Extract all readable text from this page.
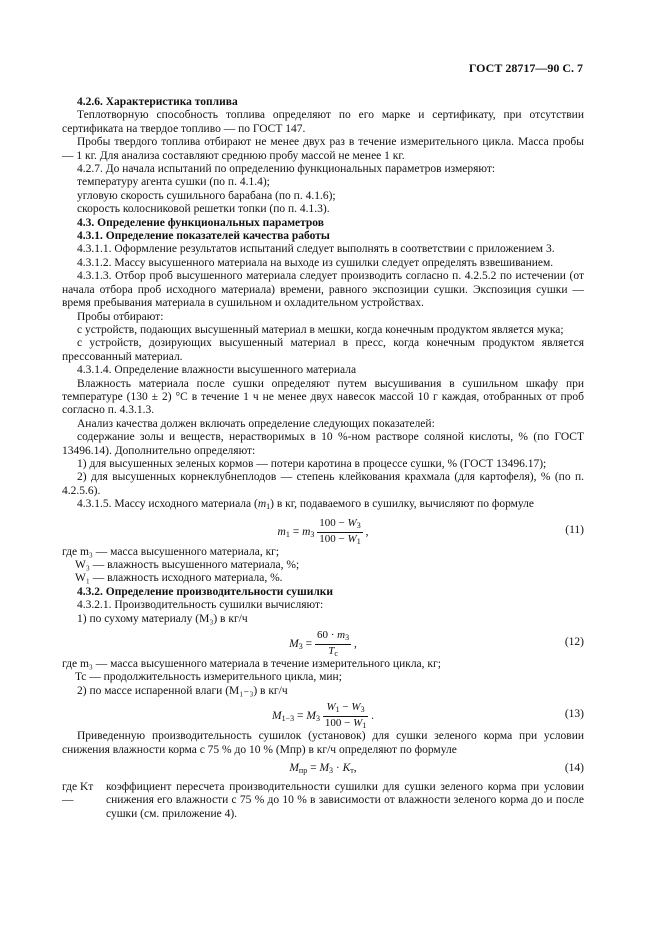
ГОСТ 28717—90 С. 7

4.2.6. Характеристика топлива

Теплотворную способность топлива определяют по его марке и сертификату, при отсутствии сертификата на твердое топливо — по ГОСТ 147.

Пробы твердого топлива отбирают не менее двух раз в течение измерительного цикла. Масса пробы — 1 кг. Для анализа составляют среднюю пробу массой не менее 1 кг.

4.2.7. До начала испытаний по определению функциональных параметров измеряют:

температуру агента сушки (по п. 4.1.4);

угловую скорость сушильного барабана (по п. 4.1.6);

скорость колосниковой решетки топки (по п. 4.1.3).

4.3. Определение функциональных параметров

4.3.1. Определение показателей качества работы

4.3.1.1. Оформление результатов испытаний следует выполнять в соответствии с приложением 3.

4.3.1.2. Массу высушенного материала на выходе из сушилки следует определять взвешиванием.

4.3.1.3. Отбор проб высушенного материала следует производить согласно п. 4.2.5.2 по истечении (от начала отбора проб исходного материала) времени, равного экспозиции сушки. Экспозиция сушки — время пребывания материала в сушильном и охладительном устройствах.

Пробы отбирают:

с устройств, подающих высушенный материал в мешки, когда конечным продуктом является мука;

с устройств, дозирующих высушенный материал в пресс, когда конечным продуктом является прессованный материал.

4.3.1.4. Определение влажности высушенного материала

Влажность материала после сушки определяют путем высушивания в сушильном шкафу при температуре (130 ± 2) °С в течение 1 ч не менее двух навесок массой 10 г каждая, отобранных от проб согласно п. 4.3.1.3.

Анализ качества должен включать определение следующих показателей:

содержание золы и веществ, нерастворимых в 10 %-ном растворе соляной кислоты, % (по ГОСТ 13496.14). Дополнительно определяют:

1) для высушенных зеленых кормов — потери каротина в процессе сушки, % (ГОСТ 13496.17);

2) для высушенных корнеклубнеплодов — степень клейкования крахмала (для картофеля), % (по п. 4.2.5.6).

4.3.1.5. Массу исходного материала $(m_1)$ в кг, подаваемого в сушилку, вычисляют по формуле

$m_1 = m_3 \frac{100 - W_3}{100 - W_1}$ ,	(11)

где m₃ — масса высушенного материала, кг;

W₃ — влажность высушенного материала, %;

W₁ — влажность исходного материала, %.

4.3.2. Определение производительности сушилки

4.3.2.1. Производительность сушилки вычисляют:

1) по сухому материалу (M₃) в кг/ч

$M_3 = \frac{60 \cdot m_3}{T_c}$ ,	(12)

где m₃ — масса высушенного материала в течение измерительного цикла, кг;

Tc — продолжительность измерительного цикла, мин;

2) по массе испаренной влаги (M₁₋₃) в кг/ч

$M_{1-3} = M_3 \frac{W_1 - W_3}{100 - W_1}$ .	(13)

Приведенную производительность сушилок (установок) для сушки зеленого корма при условии снижения влажности корма с 75 % до 10 % (Mпр) в кг/ч определяют по формуле

$M_{пр} = M_3 \cdot K_т$,	(14)
где Kт —
коэффициент пересчета производительности сушилки для сушки зеленого корма при условии снижения его влажности с 75 % до 10 % в зависимости от влажности зеленого корма до и после сушки (см. приложение 4).
